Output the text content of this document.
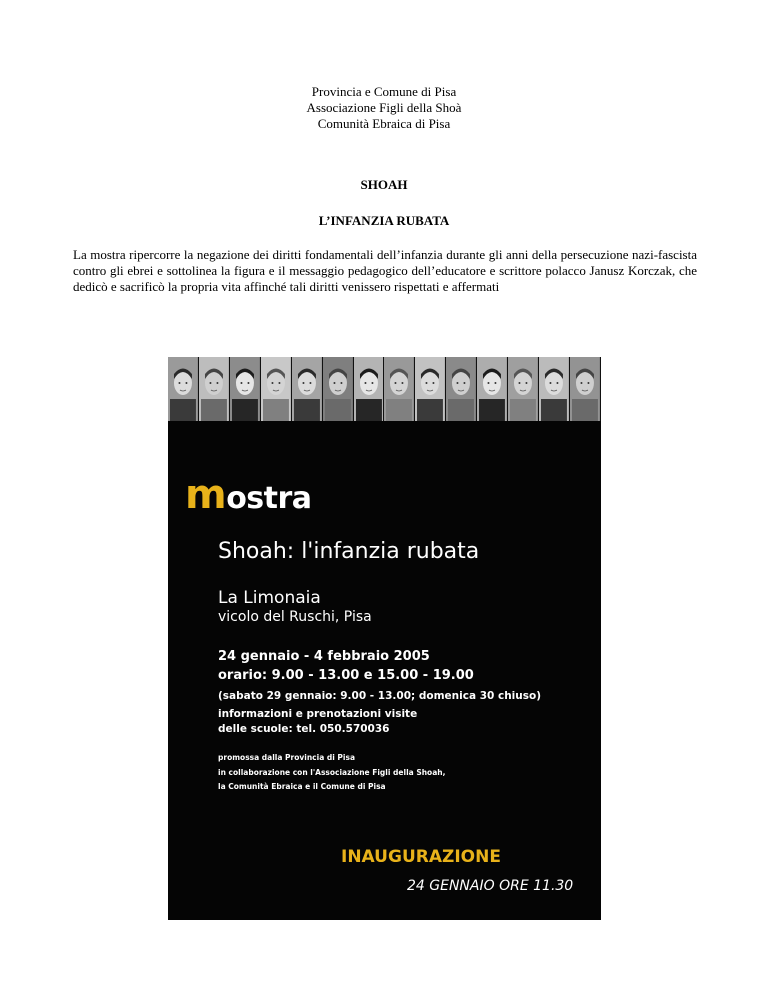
Provincia e Comune di Pisa
Associazione Figli della Shoà
Comunità Ebraica di Pisa
SHOAH
L’INFANZIA RUBATA
La mostra ripercorre la negazione dei diritti fondamentali dell’infanzia durante gli anni della persecuzione nazi-fascista contro gli ebrei e sottolinea la figura e il messaggio pedagogico dell’educatore e scrittore polacco Janusz Korczak, che dedicò e sacrificò la propria vita affinché tali diritti venissero rispettati e affermati
mostra
Shoah: l'infanzia rubata
La Limonaia
vicolo del Ruschi, Pisa
24 gennaio - 4 febbraio 2005
orario: 9.00 - 13.00 e 15.00 - 19.00
(sabato 29 gennaio: 9.00 - 13.00; domenica 30 chiuso)
informazioni e prenotazioni visite
delle scuole: tel. 050.570036
promossa dalla Provincia di Pisa
in collaborazione con l'Associazione Figli della Shoah,
la Comunità Ebraica e il Comune di Pisa
INAUGURAZIONE
24 GENNAIO ORE 11.30
